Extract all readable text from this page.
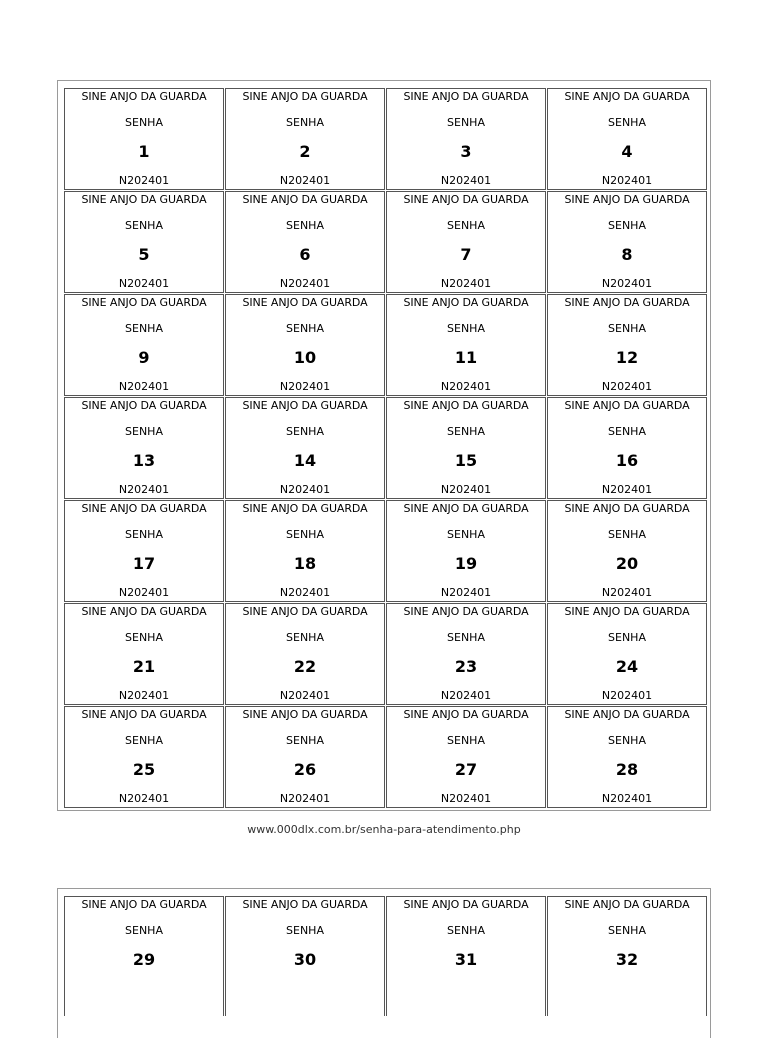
SINE ANJO DA GUARDA
SENHA
1
N202401
SINE ANJO DA GUARDA
SENHA
2
N202401
SINE ANJO DA GUARDA
SENHA
3
N202401
SINE ANJO DA GUARDA
SENHA
4
N202401
SINE ANJO DA GUARDA
SENHA
5
N202401
SINE ANJO DA GUARDA
SENHA
6
N202401
SINE ANJO DA GUARDA
SENHA
7
N202401
SINE ANJO DA GUARDA
SENHA
8
N202401
SINE ANJO DA GUARDA
SENHA
9
N202401
SINE ANJO DA GUARDA
SENHA
10
N202401
SINE ANJO DA GUARDA
SENHA
11
N202401
SINE ANJO DA GUARDA
SENHA
12
N202401
SINE ANJO DA GUARDA
SENHA
13
N202401
SINE ANJO DA GUARDA
SENHA
14
N202401
SINE ANJO DA GUARDA
SENHA
15
N202401
SINE ANJO DA GUARDA
SENHA
16
N202401
SINE ANJO DA GUARDA
SENHA
17
N202401
SINE ANJO DA GUARDA
SENHA
18
N202401
SINE ANJO DA GUARDA
SENHA
19
N202401
SINE ANJO DA GUARDA
SENHA
20
N202401
SINE ANJO DA GUARDA
SENHA
21
N202401
SINE ANJO DA GUARDA
SENHA
22
N202401
SINE ANJO DA GUARDA
SENHA
23
N202401
SINE ANJO DA GUARDA
SENHA
24
N202401
SINE ANJO DA GUARDA
SENHA
25
N202401
SINE ANJO DA GUARDA
SENHA
26
N202401
SINE ANJO DA GUARDA
SENHA
27
N202401
SINE ANJO DA GUARDA
SENHA
28
N202401
www.000dlx.com.br/senha-para-atendimento.php
SINE ANJO DA GUARDA
SENHA
29
SINE ANJO DA GUARDA
SENHA
30
SINE ANJO DA GUARDA
SENHA
31
SINE ANJO DA GUARDA
SENHA
32
